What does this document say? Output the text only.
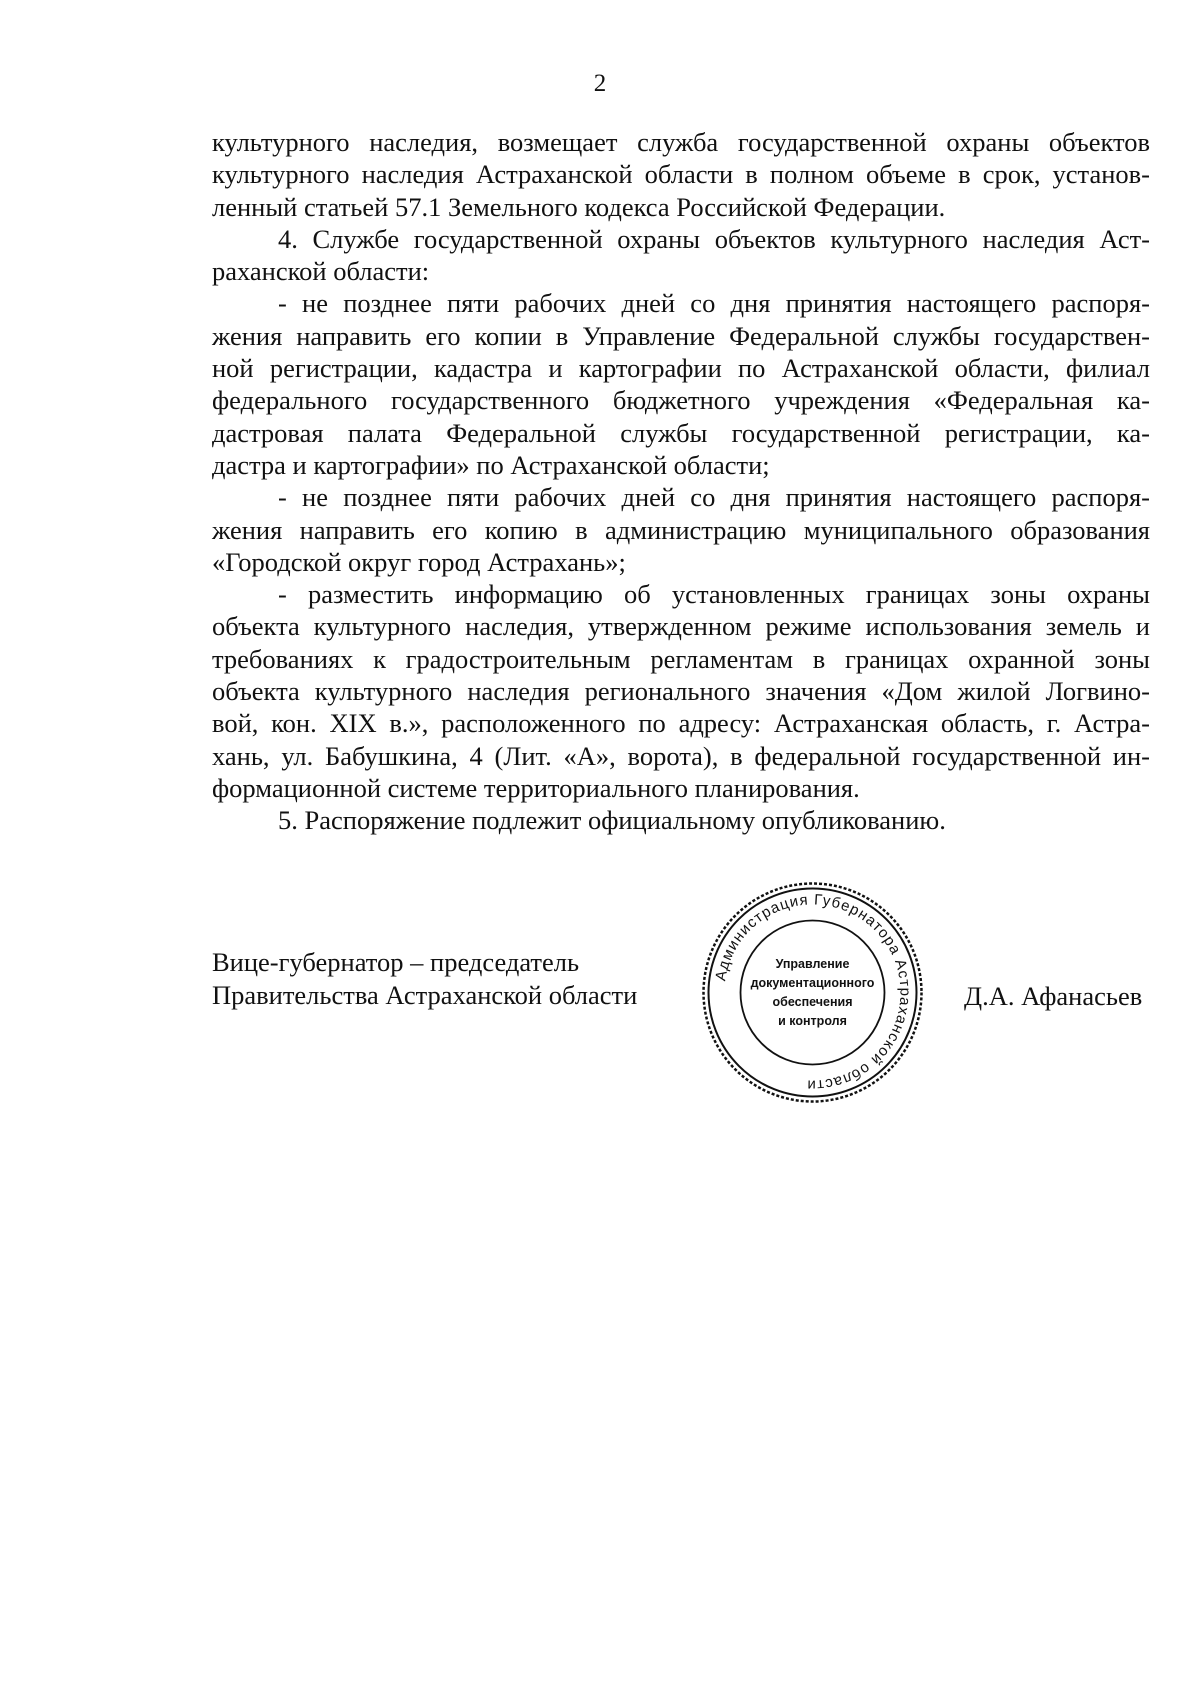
2

культурного наследия, возмещает служба государственной охраны объектов
культурного наследия Астраханской области в полном объеме в срок, установ-
ленный статьей 57.1 Земельного кодекса Российской Федерации.

4. Службе государственной охраны объектов культурного наследия Аст-
раханской области:

- не позднее пяти рабочих дней со дня принятия настоящего распоря-
жения направить его копии в Управление Федеральной службы государствен-
ной регистрации, кадастра и картографии по Астраханской области, филиал
федерального государственного бюджетного учреждения «Федеральная ка-
дастровая палата Федеральной службы государственной регистрации, ка-
дастра и картографии» по Астраханской области;

- не позднее пяти рабочих дней со дня принятия настоящего распоря-
жения направить его копию в администрацию муниципального образования
«Городской округ город Астрахань»;

- разместить информацию об установленных границах зоны охраны
объекта культурного наследия, утвержденном режиме использования земель и
требованиях к градостроительным регламентам в границах охранной зоны
объекта культурного наследия регионального значения «Дом жилой Логвино-
вой, кон. XIX в.», расположенного по адресу: Астраханская область, г. Астра-
хань, ул. Бабушкина, 4 (Лит. «А», ворота), в федеральной государственной ин-
формационной системе территориального планирования.

5. Распоряжение подлежит официальному опубликованию.

Вице-губернатор – председатель
Правительства Астраханской области	Д.А. Афанасьев
Администрация Губернатора Астраханской области
Управление
документационного
обеспечения
и контроля
